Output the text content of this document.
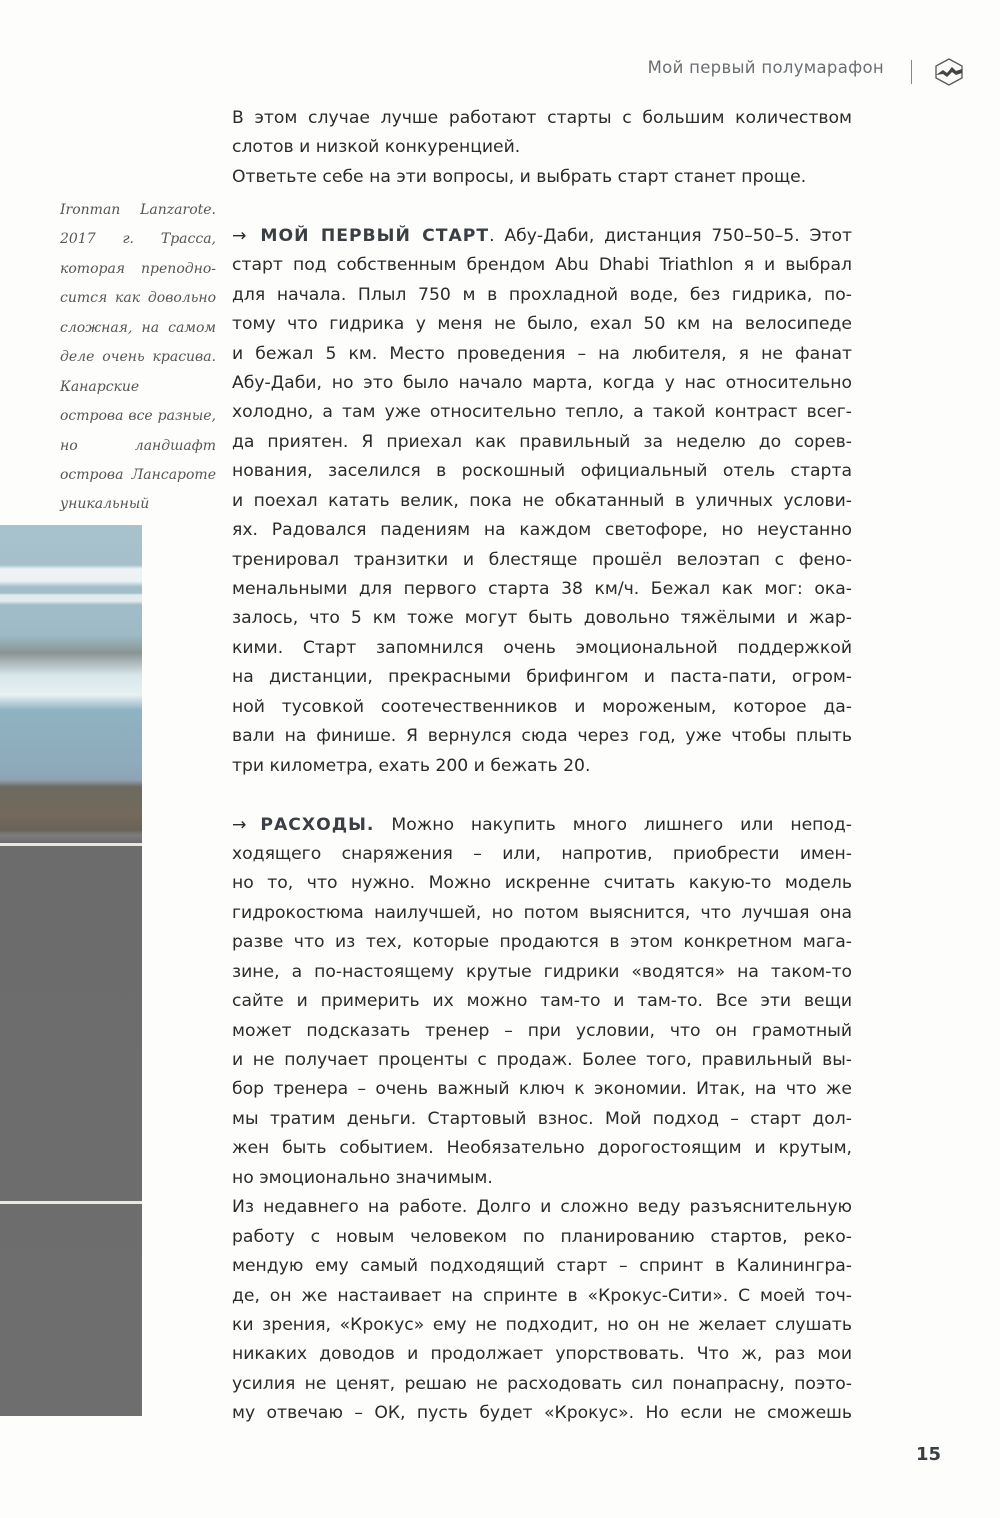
Мой первый полумарафон
Ironman Lanzarote.
2017 г. Трасса,
которая преподно-
сится как довольно
сложная, на самом
деле очень красива.
Канарские
острова все разные,
но ландшафт
острова Лансароте
уникальный
В этом случае лучше работают старты с большим количеством
слотов и низкой конкуренцией.
Ответьте себе на эти вопросы, и выбрать старт станет проще.
→ МОЙ ПЕРВЫЙ СТАРТ. Абу-Даби, дистанция 750–50–5. Этот
старт под собственным брендом Abu Dhabi Triathlon я и выбрал
для начала. Плыл 750 м в прохладной воде, без гидрика, по-
тому что гидрика у меня не было, ехал 50 км на велосипеде
и бежал 5 км. Место проведения – на любителя, я не фанат
Абу-Даби, но это было начало марта, когда у нас относительно
холодно, а там уже относительно тепло, а такой контраст всег-
да приятен. Я приехал как правильный за неделю до сорев-
нования, заселился в роскошный официальный отель старта
и поехал катать велик, пока не обкатанный в уличных услови-
ях. Радовался падениям на каждом светофоре, но неустанно
тренировал транзитки и блестяще прошёл велоэтап с фено-
менальными для первого старта 38 км/ч. Бежал как мог: ока-
залось, что 5 км тоже могут быть довольно тяжёлыми и жар-
кими. Старт запомнился очень эмоциональной поддержкой
на дистанции, прекрасными брифингом и паста-пати, огром-
ной тусовкой соотечественников и мороженым, которое да-
вали на финише. Я вернулся сюда через год, уже чтобы плыть
три километра, ехать 200 и бежать 20.
→ РАСХОДЫ. Можно накупить много лишнего или непод-
ходящего снаряжения – или, напротив, приобрести имен-
но то, что нужно. Можно искренне считать какую-то модель
гидрокостюма наилучшей, но потом выяснится, что лучшая она
разве что из тех, которые продаются в этом конкретном мага-
зине, а по-настоящему крутые гидрики «водятся» на таком-то
сайте и примерить их можно там-то и там-то. Все эти вещи
может подсказать тренер – при условии, что он грамотный
и не получает проценты с продаж. Более того, правильный вы-
бор тренера – очень важный ключ к экономии. Итак, на что же
мы тратим деньги. Стартовый взнос. Мой подход – старт дол-
жен быть событием. Необязательно дорогостоящим и крутым,
но эмоционально значимым.
Из недавнего на работе. Долго и сложно веду разъяснительную
работу с новым человеком по планированию стартов, реко-
мендую ему самый подходящий старт – спринт в Калинингра-
де, он же настаивает на спринте в «Крокус-Сити». С моей точ-
ки зрения, «Крокус» ему не подходит, но он не желает слушать
никаких доводов и продолжает упорствовать. Что ж, раз мои
усилия не ценят, решаю не расходовать сил понапрасну, поэто-
му отвечаю – ОК, пусть будет «Крокус». Но если не сможешь
15
